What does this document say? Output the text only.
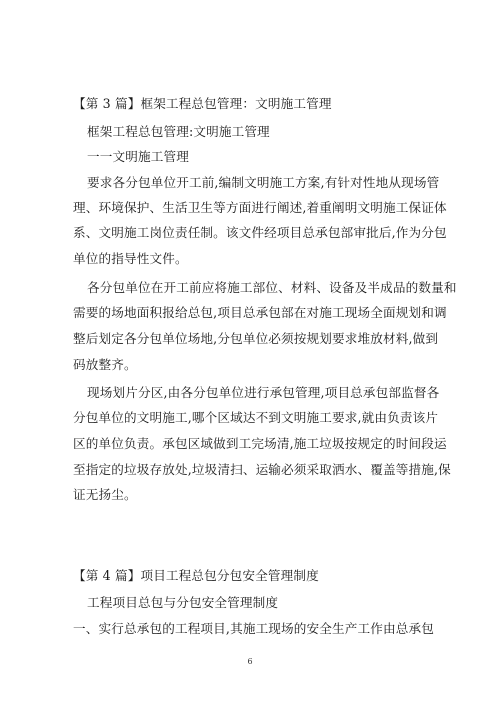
【第 3 篇】框架工程总包管理：文明施工管理
框架工程总包管理:文明施工管理
一一文明施工管理
要求各分包单位开工前,编制文明施工方案,有针对性地从现场管
理、环境保护、生活卫生等方面进行阐述,着重阐明文明施工保证体
系、文明施工岗位责任制。该文件经项目总承包部审批后,作为分包
单位的指导性文件。
各分包单位在开工前应将施工部位、材料、设备及半成品的数量和
需要的场地面积报给总包,项目总承包部在对施工现场全面规划和调
整后划定各分包单位场地,分包单位必须按规划要求堆放材料,做到
码放整齐。
现场划片分区,由各分包单位进行承包管理,项目总承包部监督各
分包单位的文明施工,哪个区域达不到文明施工要求,就由负责该片
区的单位负责。承包区域做到工完场清,施工垃圾按规定的时间段运
至指定的垃圾存放处,垃圾清扫、运输必须采取洒水、覆盖等措施,保
证无扬尘。
【第 4 篇】项目工程总包分包安全管理制度
工程项目总包与分包安全管理制度
一、实行总承包的工程项目,其施工现场的安全生产工作由总承包
6
